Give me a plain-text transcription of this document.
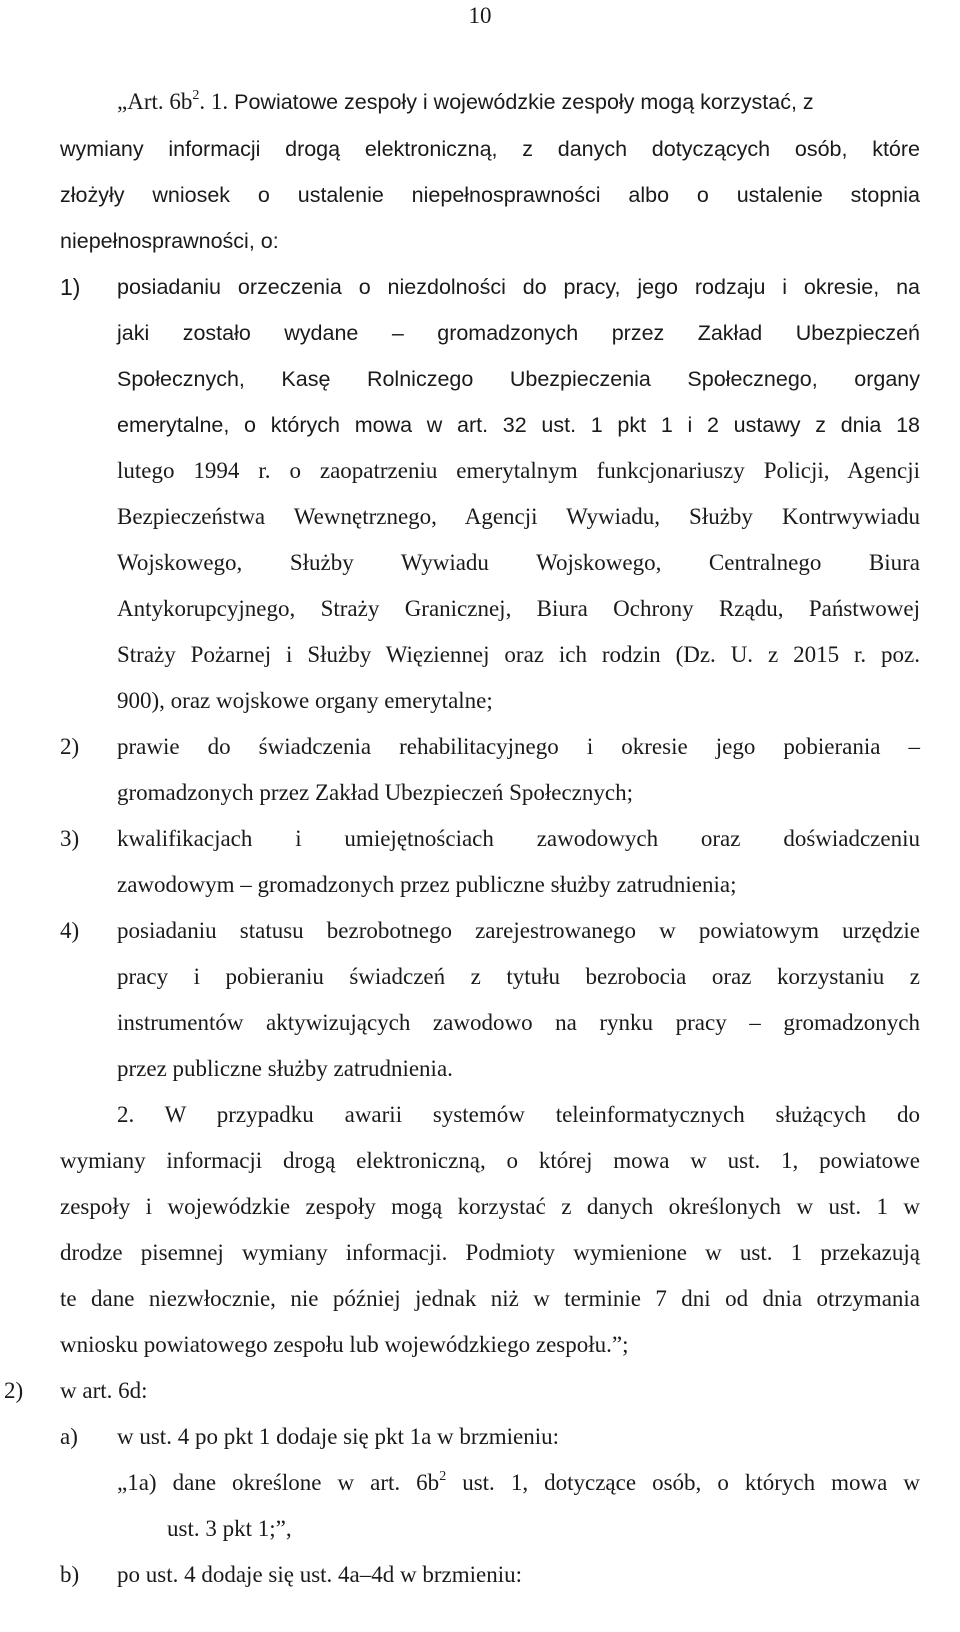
10
„Art. $6b^2$. 1. Powiatowe zespoły i wojewódzkie zespoły mogą korzystać, z
wymiany informacji drogą elektroniczną, z danych dotyczących osób, które
złożyły wniosek o ustalenie niepełnosprawności albo o ustalenie stopnia
niepełnosprawności, o:
1) posiadaniu orzeczenia o niezdolności do pracy, jego rodzaju i okresie, na
jaki zostało wydane – gromadzonych przez Zakład Ubezpieczeń
Społecznych, Kasę Rolniczego Ubezpieczenia Społecznego, organy
emerytalne, o których mowa w art. 32 ust. 1 pkt 1 i 2 ustawy z dnia 18
lutego 1994 r. o zaopatrzeniu emerytalnym funkcjonariuszy Policji, Agencji
Bezpieczeństwa Wewnętrznego, Agencji Wywiadu, Służby Kontrwywiadu
Wojskowego, Służby Wywiadu Wojskowego, Centralnego Biura
Antykorupcyjnego, Straży Granicznej, Biura Ochrony Rządu, Państwowej
Straży Pożarnej i Służby Więziennej oraz ich rodzin (Dz. U. z 2015 r. poz.
900), oraz wojskowe organy emerytalne;
2) prawie do świadczenia rehabilitacyjnego i okresie jego pobierania –
gromadzonych przez Zakład Ubezpieczeń Społecznych;
3) kwalifikacjach i umiejętnościach zawodowych oraz doświadczeniu
zawodowym – gromadzonych przez publiczne służby zatrudnienia;
4) posiadaniu statusu bezrobotnego zarejestrowanego w powiatowym urzędzie
pracy i pobieraniu świadczeń z tytułu bezrobocia oraz korzystaniu z
instrumentów aktywizujących zawodowo na rynku pracy – gromadzonych
przez publiczne służby zatrudnienia.
2. W przypadku awarii systemów teleinformatycznych służących do
wymiany informacji drogą elektroniczną, o której mowa w ust. 1, powiatowe
zespoły i wojewódzkie zespoły mogą korzystać z danych określonych w ust. 1 w
drodze pisemnej wymiany informacji. Podmioty wymienione w ust. 1 przekazują
te dane niezwłocznie, nie później jednak niż w terminie 7 dni od dnia otrzymania
wniosku powiatowego zespołu lub wojewódzkiego zespołu.”;
2) w art. 6d:
a) w ust. 4 po pkt 1 dodaje się pkt 1a w brzmieniu:
„1a) dane określone w art. $6b^2$ ust. 1, dotyczące osób, o których mowa w
ust. 3 pkt 1;”,
b) po ust. 4 dodaje się ust. 4a–4d w brzmieniu:
